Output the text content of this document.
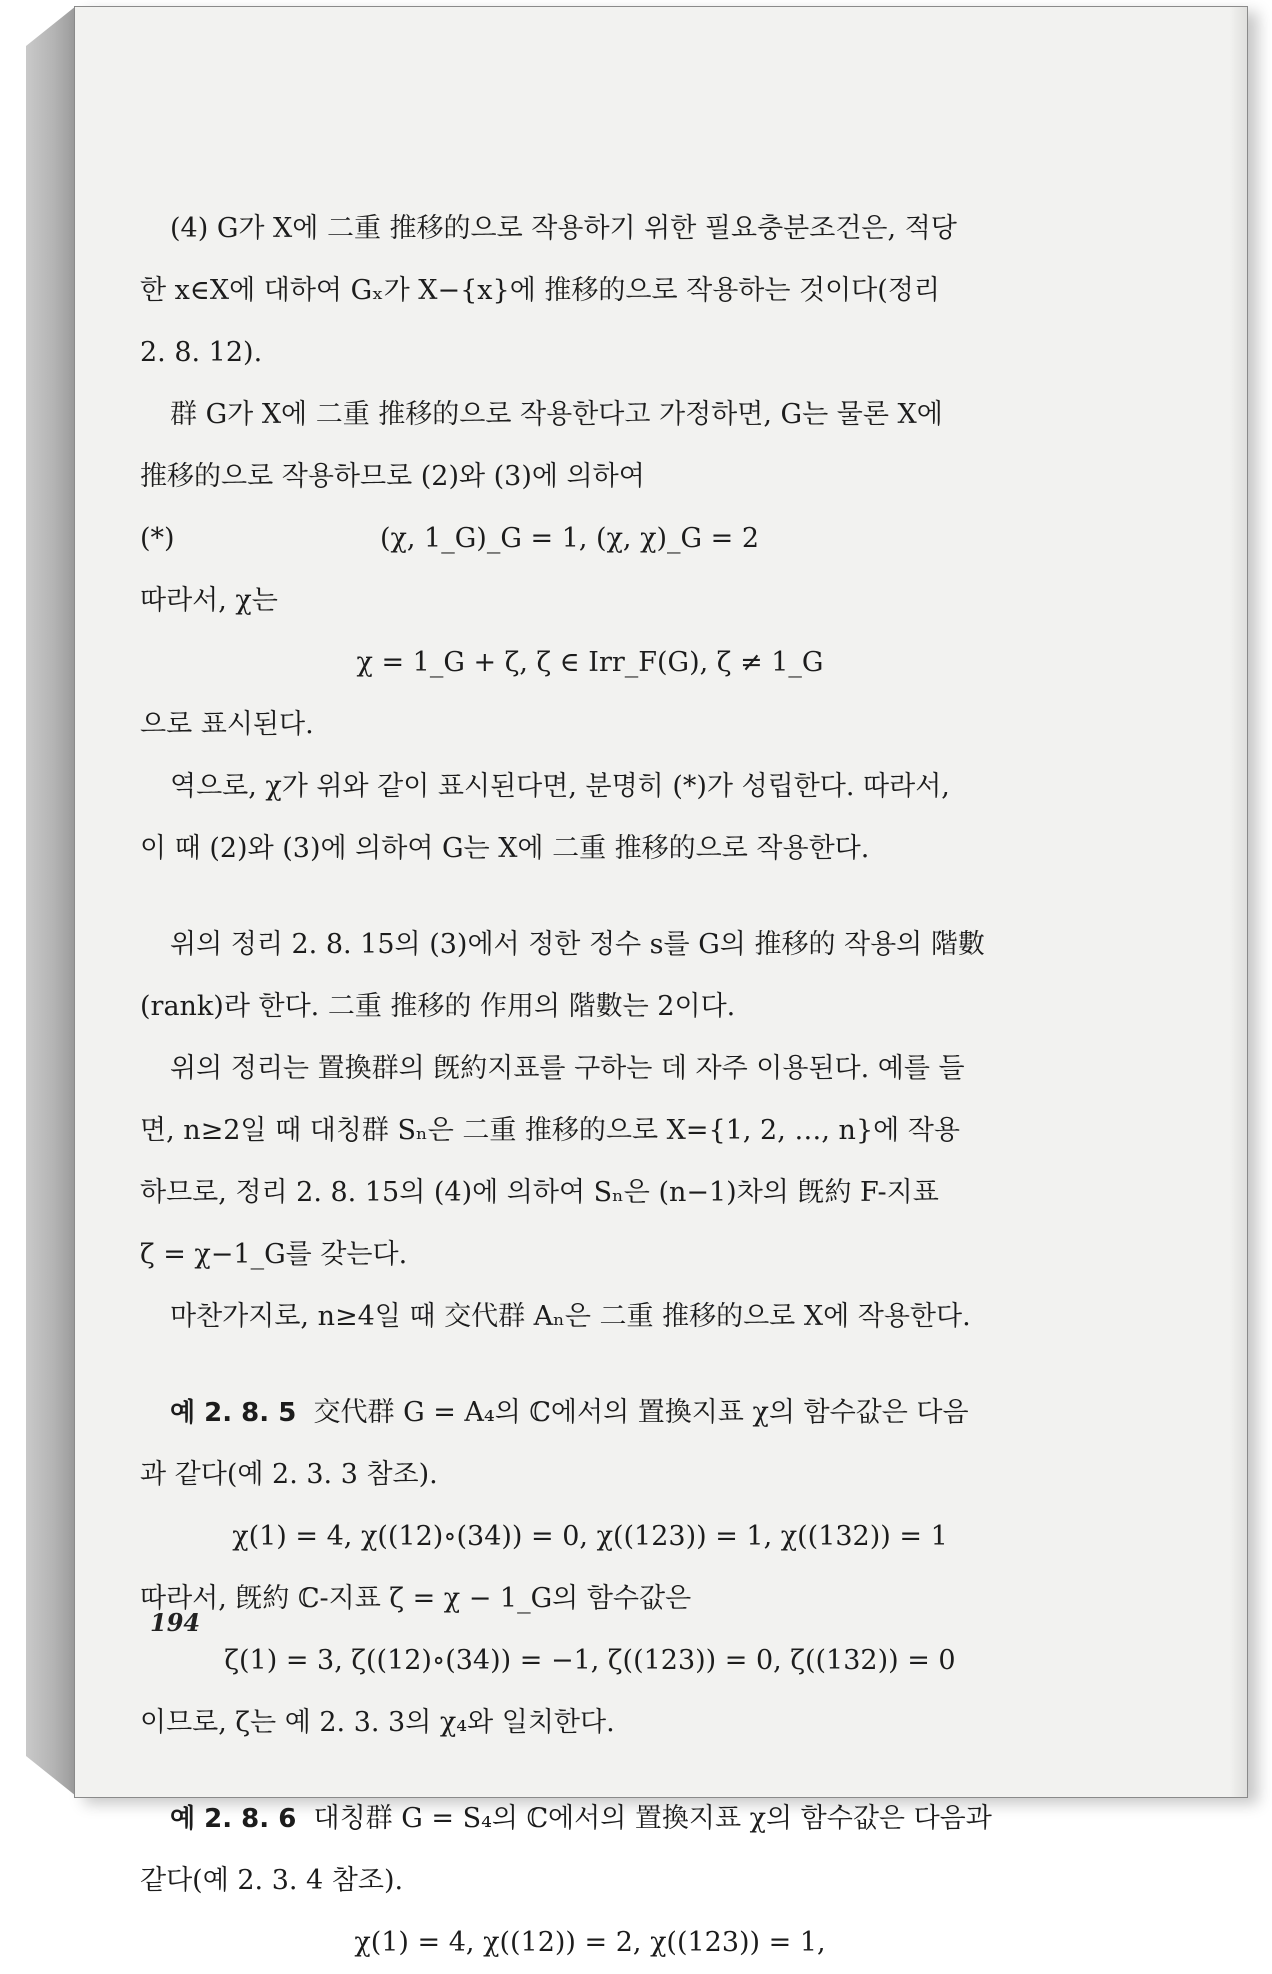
(4) G가 X에 二重 推移的으로 작용하기 위한 필요충분조건은, 적당

한 x∈X에 대하여 Gₓ가 X−{x}에 推移的으로 작용하는 것이다(정리

2. 8. 12).

群 G가 X에 二重 推移的으로 작용한다고 가정하면, G는 물론 X에

推移的으로 작용하므로 (2)와 (3)에 의하여

(*)	(χ, 1_G)_G = 1, (χ, χ)_G = 2

따라서, χ는

χ = 1_G + ζ, ζ ∈ Irr_F(G), ζ ≠ 1_G

으로 표시된다.

역으로, χ가 위와 같이 표시된다면, 분명히 (*)가 성립한다. 따라서,

이 때 (2)와 (3)에 의하여 G는 X에 二重 推移的으로 작용한다.

위의 정리 2. 8. 15의 (3)에서 정한 정수 s를 G의 推移的 작용의 階數

(rank)라 한다. 二重 推移的 作用의 階數는 2이다.

위의 정리는 置換群의 旣約지표를 구하는 데 자주 이용된다. 예를 들

면, n≥2일 때 대칭群 Sₙ은 二重 推移的으로 X={1, 2, …, n}에 작용

하므로, 정리 2. 8. 15의 (4)에 의하여 Sₙ은 (n−1)차의 旣約 F-지표

ζ = χ−1_G를 갖는다.

마찬가지로, n≥4일 때 交代群 Aₙ은 二重 推移的으로 X에 작용한다.

예 2. 8. 5 交代群 G = A₄의 ℂ에서의 置換지표 χ의 함수값은 다음

과 같다(예 2. 3. 3 참조).

χ(1) = 4, χ((12)∘(34)) = 0, χ((123)) = 1, χ((132)) = 1

따라서, 旣約 ℂ-지표 ζ = χ − 1_G의 함수값은

ζ(1) = 3, ζ((12)∘(34)) = −1, ζ((123)) = 0, ζ((132)) = 0

이므로, ζ는 예 2. 3. 3의 χ₄와 일치한다.

예 2. 8. 6 대칭群 G = S₄의 ℂ에서의 置換지표 χ의 함수값은 다음과

같다(예 2. 3. 4 참조).

χ(1) = 4, χ((12)) = 2, χ((123)) = 1,

194
